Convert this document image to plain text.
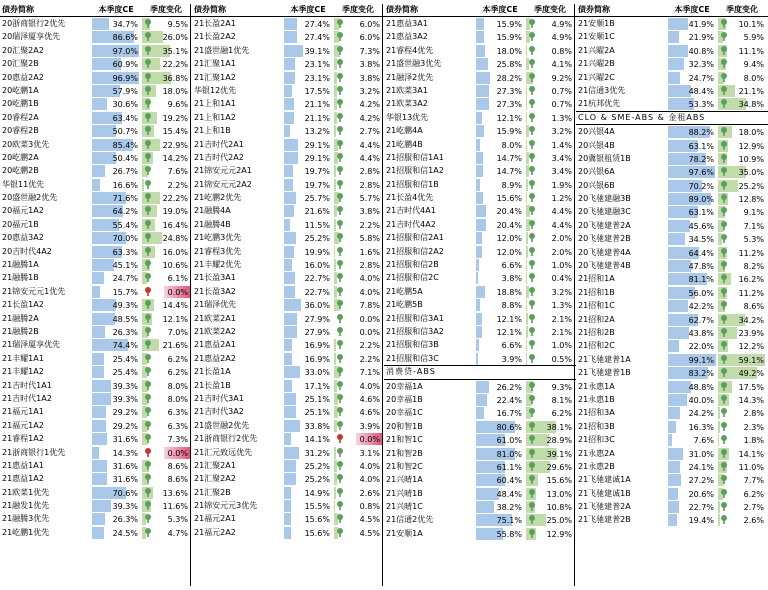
债券简称	本季度CE	季度变化
20浙商银行2优先	34.7%	9.5%
20瑞泽厦享优先	86.6%	26.0%
20汇聚2A2	97.0%	35.1%
20汇聚2B	60.9%	22.2%
20惠益2A2	96.9%	36.8%
20屹鹏1A	57.9%	18.0%
20屹鹏1B	30.6%	9.6%
20睿程2A	63.4%	19.2%
20睿程2B	50.7%	15.4%
20欧菜3优先	85.4%	22.9%
20屹鹏2A	50.4%	14.2%
20屹鹏2B	26.7%	7.6%
华银11优先	16.6%	2.2%
20盛世融2优先	71.6%	22.2%
20福元1A2	64.2%	19.0%
20福元1B	55.4%	16.4%
20惠益3A2	70.0%	24.8%
20吉时代4A2	63.3%	16.0%
21融腾1A	45.1%	10.6%
21融腾1B	24.7%	6.1%
21锦安元元1优先	15.7%	0.0%
21长盈1A2	49.3%	14.4%
21融腾2A	48.5%	12.1%
21融腾2B	26.3%	7.0%
21瑞泽厦享优先	74.4%	21.6%
21丰耀1A1	25.4%	6.2%
21丰耀1A2	25.4%	6.2%
21吉时代1A1	39.3%	8.0%
21吉时代1A2	39.3%	8.0%
21福元1A1	29.2%	6.3%
21福元1A2	29.2%	6.3%
21睿程1A2	31.6%	7.3%
21浙商银行1优先	14.3%	0.0%
21惠益1A1	31.6%	8.6%
21惠益1A2	31.6%	8.6%
21欧菜1优先	70.6%	13.6%
21融发1优先	39.3%	11.6%
21融腾3优先	26.3%	5.3%
21屹鹏1优先	24.5%	4.7%
债券简称	本季度CE	季度变化
21长盈2A1	27.4%	6.0%
21长盈2A2	27.4%	6.0%
21盛世融1优先	39.1%	7.3%
21汇聚1A1	23.1%	3.8%
21汇聚1A2	23.1%	3.8%
华银12优先	17.5%	3.2%
21上和1A1	21.1%	4.2%
21上和1A2	21.1%	4.2%
21上和1B	13.2%	2.7%
21吉时代2A1	29.1%	4.4%
21吉时代2A2	29.1%	4.4%
21锦安元元2A1	19.7%	2.8%
21锦安元元2A2	19.7%	2.8%
21屹鹏2优先	25.7%	5.7%
21融腾4A	21.6%	3.8%
21融腾4B	11.5%	2.2%
21屹鹏3优先	25.2%	5.8%
21睿程3优先	19.9%	1.6%
21丰耀2优先	16.0%	2.8%
21长盈3A1	22.7%	4.0%
21长盈3A2	22.7%	4.0%
21瑞泽优先	36.0%	7.8%
21欧菜2A1	27.9%	0.0%
21欧菜2A2	27.9%	0.0%
21惠益2A1	16.9%	2.2%
21惠益2A2	16.9%	2.2%
21长盈1A	33.0%	7.1%
21长盈1B	17.1%	4.0%
21吉时代3A1	25.1%	4.6%
21吉时代3A2	25.1%	4.6%
21盛世融2优先	33.8%	3.9%
21浙商银行2优先	14.1%	0.0%
21汇元致远优先	31.2%	3.1%
21汇聚2A1	25.2%	4.0%
21汇聚2A2	25.2%	4.0%
21汇聚2B	14.9%	2.6%
21锦安元元3优先	15.5%	0.8%
21福元2A1	15.6%	4.5%
21福元2A2	15.6%	4.5%
债券简称	本季度CE	季度变化
21惠益3A1	15.9%	4.9%
21惠益3A2	15.9%	4.9%
21睿程4优先	18.0%	0.8%
21盛世融3优先	25.8%	4.1%
21融泽2优先	28.2%	9.2%
21欧菜3A1	27.3%	0.7%
21欧菜3A2	27.3%	0.7%
华银13优先	12.1%	1.3%
21屹鹏4A	15.9%	3.2%
21屹鹏4B	8.0%	1.4%
21招服和信1A1	14.7%	3.4%
21招服和信1A2	14.7%	3.4%
21招服和信1B	8.9%	1.9%
21长盈4优先	15.6%	1.2%
21吉时代4A1	20.4%	4.4%
21吉时代4A2	20.4%	4.4%
21招服和信2A1	12.0%	2.0%
21招服和信2A2	12.0%	2.0%
21招服和信2B	6.6%	1.0%
21招服和信2C	3.8%	0.4%
21屹鹏5A	18.8%	3.2%
21屹鹏5B	8.8%	1.3%
21招服和信3A1	12.1%	2.1%
21招服和信3A2	12.1%	2.1%
21招服和信3B	6.6%	1.0%
21招服和信3C	3.9%	0.5%
消费贷-ABS
20幸福1A	26.2%	9.3%
20幸福1B	22.4%	8.1%
20幸福1C	16.7%	6.2%
20和智1B	80.6%	38.1%
21和智1C	61.0%	28.9%
21和智2B	81.0%	39.1%
21和智2C	61.1%	29.6%
21兴晴1A	60.4%	15.6%
21兴晴1B	48.4%	13.0%
21兴晴1C	38.2%	10.8%
21信通2优先	75.1%	25.0%
21安顺1A	55.8%	12.9%
债券简称	本季度CE	季度变化
21安顺1B	41.9%	10.1%
21安顺1C	21.9%	5.9%
21兴曜2A	40.8%	11.1%
21兴曜2B	32.3%	9.4%
21兴曜2C	24.7%	8.0%
21信通3优先	48.4%	21.1%
21杭邦优先	53.3%	34.8%
CLO & SME-ABS & 金租ABS
20兴银4A	88.2%	18.0%
20兴银4B	63.1%	12.9%
20冀银租赁1B	78.2%	10.9%
20兴银6A	97.6%	35.0%
20兴银6B	70.2%	25.2%
20飞驰建融3B	89.0%	12.8%
20飞驰建融3C	63.1%	9.1%
20飞驰建普2A	45.6%	7.1%
20飞驰建普2B	34.5%	5.3%
20飞驰建普4A	64.4%	11.2%
20飞驰建普4B	47.8%	8.2%
21招和1A	81.1%	16.2%
21招和1B	56.0%	11.2%
21招和1C	42.2%	8.6%
21招和2A	62.7%	34.2%
21招和2B	43.8%	23.9%
21招和2C	22.0%	12.2%
21飞驰建普1A	99.1%	59.1%
21飞驰建普1B	83.2%	49.2%
21永惠1A	48.8%	17.5%
21永惠1B	40.0%	14.3%
21招和3A	24.2%	2.8%
21招和3B	16.3%	2.3%
21招和3C	7.6%	1.8%
21永惠2A	31.0%	14.1%
21永惠2B	24.1%	11.0%
21飞驰建诚1A	27.2%	7.7%
21飞驰建诚1B	20.6%	6.2%
21飞驰建普2A	22.7%	2.7%
21飞驰建普2B	19.4%	2.6%
